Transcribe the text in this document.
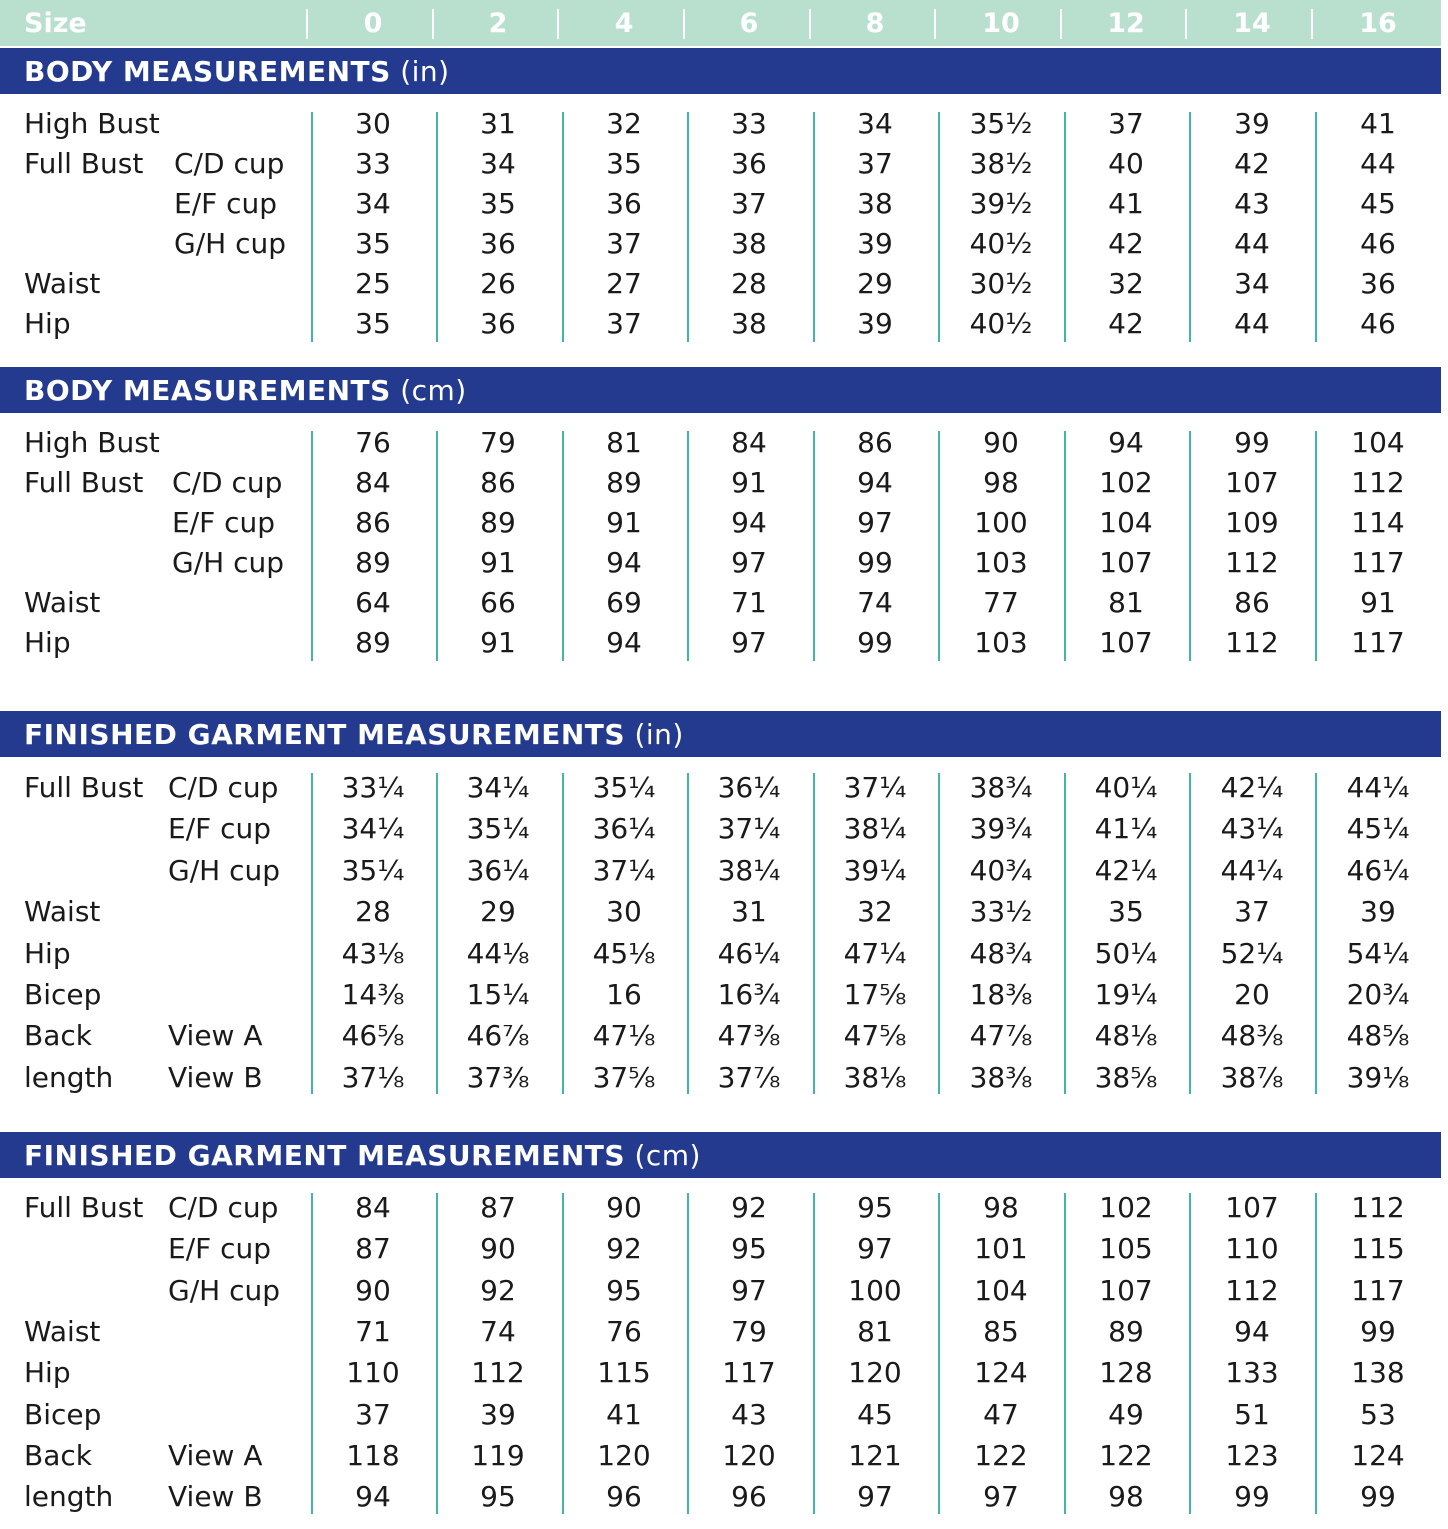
Size	0	2	4	6	8	10	12	14	16
BODY MEASUREMENTS (in)
High Bust	30	31	32	33	34	35½	37	39	41
Full Bust C/D cup	33	34	35	36	37	38½	40	42	44
E/F cup	34	35	36	37	38	39½	41	43	45
G/H cup	35	36	37	38	39	40½	42	44	46
Waist	25	26	27	28	29	30½	32	34	36
Hip	35	36	37	38	39	40½	42	44	46
BODY MEASUREMENTS (cm)
High Bust	76	79	81	84	86	90	94	99	104
Full Bust C/D cup	84	86	89	91	94	98	102	107	112
E/F cup	86	89	91	94	97	100	104	109	114
G/H cup	89	91	94	97	99	103	107	112	117
Waist	64	66	69	71	74	77	81	86	91
Hip	89	91	94	97	99	103	107	112	117
FINISHED GARMENT MEASUREMENTS (in)
Full Bust C/D cup	33¼	34¼	35¼	36¼	37¼	38¾	40¼	42¼	44¼
E/F cup	34¼	35¼	36¼	37¼	38¼	39¾	41¼	43¼	45¼
G/H cup	35¼	36¼	37¼	38¼	39¼	40¾	42¼	44¼	46¼
Waist	28	29	30	31	32	33½	35	37	39
Hip	43⅛	44⅛	45⅛	46¼	47¼	48¾	50¼	52¼	54¼
Bicep	14⅜	15¼	16	16¾	17⅝	18⅜	19¼	20	20¾
Back	View A	46⅝	46⅞	47⅛	47⅜	47⅝	47⅞	48⅛	48⅜	48⅝
length View B	37⅛	37⅜	37⅝	37⅞	38⅛	38⅜	38⅝	38⅞	39⅛
FINISHED GARMENT MEASUREMENTS (cm)
Full Bust C/D cup	84	87	90	92	95	98	102	107	112
E/F cup	87	90	92	95	97	101	105	110	115
G/H cup	90	92	95	97	100	104	107	112	117
Waist	71	74	76	79	81	85	89	94	99
Hip	110	112	115	117	120	124	128	133	138
Bicep	37	39	41	43	45	47	49	51	53
Back	View A	118	119	120	120	121	122	122	123	124
length View B	94	95	96	96	97	97	98	99	99
